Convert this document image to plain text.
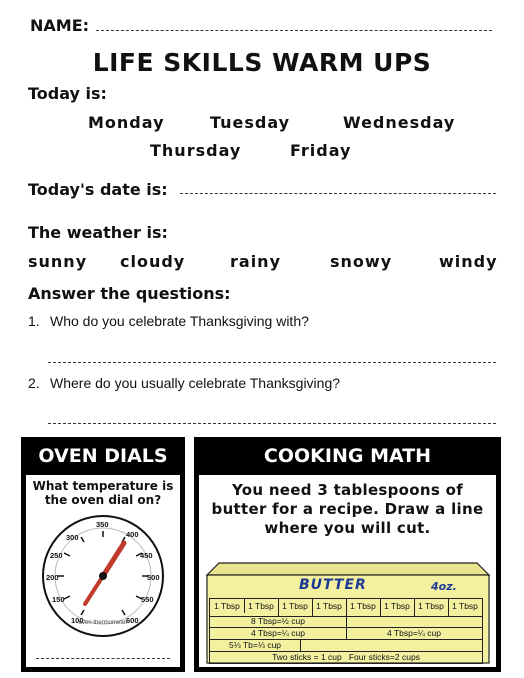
NAME:
LIFE SKILLS WARM UPS
Today is:
Monday	Tuesday	Wednesday
Thursday	Friday
Today's date is:
The weather is:
sunny cloudy	rainy	snowy	windy
Answer the questions:
1. Who do you celebrate Thanksgiving with?
2. Where do you usually celebrate Thanksgiving?
OVEN DIALS
What temperature is the oven dial on?
350
400
450
500
550
600
100
150
200
250
300
oven thermometer
COOKING MATH
You need 3 tablespoons of butter for a recipe. Draw a line where you will cut.
BUTTER	4oz.
1 Tbsp 1 Tbsp 1 Tbsp 1 Tbsp 1 Tbsp 1 Tbsp 1 Tbsp 1 Tbsp
8 Tbsp=½ cup
4 Tbsp=¼ cup	4 Tbsp=¼ cup
5⅓ Tb=⅓ cup
Two sticks = 1 cup   Four sticks=2 cups
